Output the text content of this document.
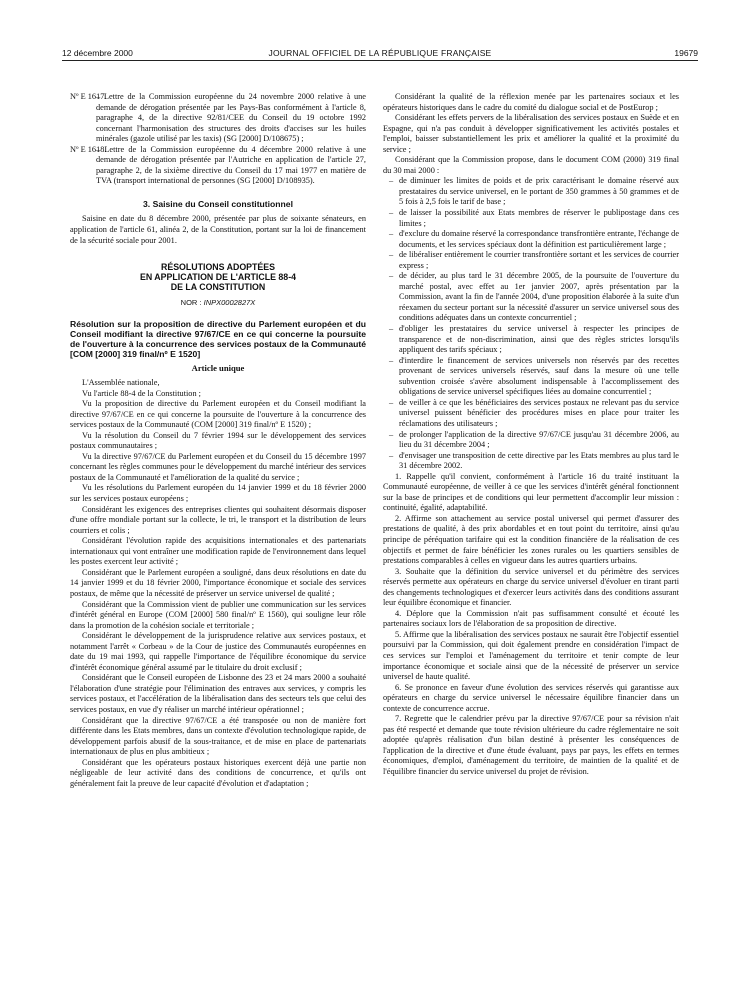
12 décembre 2000	JOURNAL OFFICIEL DE LA RÉPUBLIQUE FRANÇAISE	19679
Nº E 1617.
– Lettre de la Commission européenne du 24 novembre 2000 relative à une demande de dérogation présentée par les Pays-Bas conformément à l'article 8, paragraphe 4, de la directive 92/81/CEE du Conseil du 19 octobre 1992 concernant l'harmonisation des structures des droits d'accises sur les huiles minérales (gazole utilisé par les taxis) (SG [2000] D/108675) ;
Nº E 1618.
– Lettre de la Commission européenne du 4 décembre 2000 relative à une demande de dérogation présentée par l'Autriche en application de l'article 27, paragraphe 2, de la sixième directive du Conseil du 17 mai 1977 en matière de TVA (transport international de personnes (SG [2000] D/108935).
3. Saisine du Conseil constitutionnel

Saisine en date du 8 décembre 2000, présentée par plus de soixante sénateurs, en application de l'article 61, alinéa 2, de la Constitution, portant sur la loi de financement de la sécurité sociale pour 2001.

RÉSOLUTIONS ADOPTÉES
EN APPLICATION DE L'ARTICLE 88-4
DE LA CONSTITUTION
NOR : INPX0002827X

Résolution sur la proposition de directive du Parlement européen et du Conseil modifiant la directive 97/67/CE en ce qui concerne la poursuite de l'ouverture à la concurrence des services postaux de la Communauté [COM [2000] 319 final/nº E 1520]

Article unique

L'Assemblée nationale,

Vu l'article 88-4 de la Constitution ;

Vu la proposition de directive du Parlement européen et du Conseil modifiant la directive 97/67/CE en ce qui concerne la poursuite de l'ouverture à la concurrence des services postaux de la Communauté (COM [2000] 319 final/nº E 1520) ;

Vu la résolution du Conseil du 7 février 1994 sur le développement des services postaux communautaires ;

Vu la directive 97/67/CE du Parlement européen et du Conseil du 15 décembre 1997 concernant les règles communes pour le développement du marché intérieur des services postaux de la Communauté et l'amélioration de la qualité du service ;

Vu les résolutions du Parlement européen du 14 janvier 1999 et du 18 février 2000 sur les services postaux européens ;

Considérant les exigences des entreprises clientes qui souhaitent désormais disposer d'une offre mondiale portant sur la collecte, le tri, le transport et la distribution de leurs courriers et colis ;

Considérant l'évolution rapide des acquisitions internationales et des partenariats internationaux qui vont entraîner une modification rapide de l'environnement dans lequel les postes exercent leur activité ;

Considérant que le Parlement européen a souligné, dans deux résolutions en date du 14 janvier 1999 et du 18 février 2000, l'importance économique et sociale des services postaux, de même que la nécessité de préserver un service universel de qualité ;

Considérant que la Commission vient de publier une communication sur les services d'intérêt général en Europe (COM [2000] 580 final/nº E 1560), qui souligne leur rôle dans la promotion de la cohésion sociale et territoriale ;

Considérant le développement de la jurisprudence relative aux services postaux, et notamment l'arrêt « Corbeau » de la Cour de justice des Communautés européennes en date du 19 mai 1993, qui rappelle l'importance de l'équilibre économique du service d'intérêt économique général assumé par le titulaire du droit exclusif ;

Considérant que le Conseil européen de Lisbonne des 23 et 24 mars 2000 a souhaité l'élaboration d'une stratégie pour l'élimination des entraves aux services, y compris les services postaux, et l'accélération de la libéralisation dans des secteurs tels que celui des services postaux, en vue d'y réaliser un marché intérieur opérationnel ;

Considérant que la directive 97/67/CE a été transposée ou non de manière fort différente dans les Etats membres, dans un contexte d'évolution technologique rapide, de développement parfois abusif de la sous-traitance, et de mise en place de partenariats internationaux de plus en plus ambitieux ;

Considérant que les opérateurs postaux historiques exercent déjà une partie non négligeable de leur activité dans des conditions de concurrence, et qu'ils ont généralement fait la preuve de leur capacité d'évolution et d'adaptation ;

Considérant la qualité de la réflexion menée par les partenaires sociaux et les opérateurs historiques dans le cadre du comité du dialogue social et de PostEurop ;

Considérant les effets pervers de la libéralisation des services postaux en Suède et en Espagne, qui n'a pas conduit à développer significativement les activités postales et l'emploi, baisser substantiellement les prix et améliorer la qualité et la proximité du service ;

Considérant que la Commission propose, dans le document COM (2000) 319 final du 30 mai 2000 :

– de diminuer les limites de poids et de prix caractérisant le domaine réservé aux prestataires du service universel, en le portant de 350 grammes à 50 grammes et de 5 fois à 2,5 fois le tarif de base ;
– de laisser la possibilité aux Etats membres de réserver le publipostage dans ces limites ;
– d'exclure du domaine réservé la correspondance transfrontière entrante, l'échange de documents, et les services spéciaux dont la définition est particulièrement large ;
– de libéraliser entièrement le courrier transfrontière sortant et les services de courrier express ;
– de décider, au plus tard le 31 décembre 2005, de la poursuite de l'ouverture du marché postal, avec effet au 1er janvier 2007, après présentation par la Commission, avant la fin de l'année 2004, d'une proposition élaborée à la suite d'un réexamen du secteur portant sur la nécessité d'assurer un service universel sous des conditions adéquates dans un contexte concurrentiel ;
– d'obliger les prestataires du service universel à respecter les principes de transparence et de non-discrimination, ainsi que des règles strictes lorsqu'ils appliquent des tarifs spéciaux ;
– d'interdire le financement de services universels non réservés par des recettes provenant de services universels réservés, sauf dans la mesure où une telle subvention croisée s'avère absolument indispensable à l'accomplissement des obligations de service universel spécifiques liées au domaine concurrentiel ;
– de veiller à ce que les bénéficiaires des services postaux ne relevant pas du service universel puissent bénéficier des procédures mises en place pour traiter les réclamations des utilisateurs ;
– de prolonger l'application de la directive 97/67/CE jusqu'au 31 décembre 2006, au lieu du 31 décembre 2004 ;
– d'envisager une transposition de cette directive par les Etats membres au plus tard le 31 décembre 2002.

1. Rappelle qu'il convient, conformément à l'article 16 du traité instituant la Communauté européenne, de veiller à ce que les services d'intérêt général fonctionnent sur la base de principes et de conditions qui leur permettent d'accomplir leur mission : continuité, égalité, adaptabilité.

2. Affirme son attachement au service postal universel qui permet d'assurer des prestations de qualité, à des prix abordables et en tout point du territoire, ainsi qu'au principe de péréquation tarifaire qui est la condition financière de la réalisation de ces objectifs et permet de faire bénéficier les zones rurales ou les quartiers sensibles de prestations comparables à celles en vigueur dans les autres quartiers urbains.

3. Souhaite que la définition du service universel et du périmètre des services réservés permette aux opérateurs en charge du service universel d'évoluer en tirant parti des changements technologiques et d'exercer leurs activités dans des conditions assurant leur équilibre économique et financier.

4. Déplore que la Commission n'ait pas suffisamment consulté et écouté les partenaires sociaux lors de l'élaboration de sa proposition de directive.

5. Affirme que la libéralisation des services postaux ne saurait être l'objectif essentiel poursuivi par la Commission, qui doit également prendre en considération l'impact de ces services sur l'emploi et l'aménagement du territoire et tenir compte de leur importance économique et sociale ainsi que de la nécessité de préserver un service universel de haute qualité.

6. Se prononce en faveur d'une évolution des services réservés qui garantisse aux opérateurs en charge du service universel le nécessaire équilibre financier dans un contexte de concurrence accrue.

7. Regrette que le calendrier prévu par la directive 97/67/CE pour sa révision n'ait pas été respecté et demande que toute révision ultérieure du cadre réglementaire ne soit adoptée qu'après réalisation d'un bilan destiné à présenter les conséquences de l'application de la directive et d'une étude évaluant, pays par pays, les effets en termes économiques, d'emploi, d'aménagement du territoire, de maintien de la qualité et de l'équilibre financier du service universel du projet de révision.
